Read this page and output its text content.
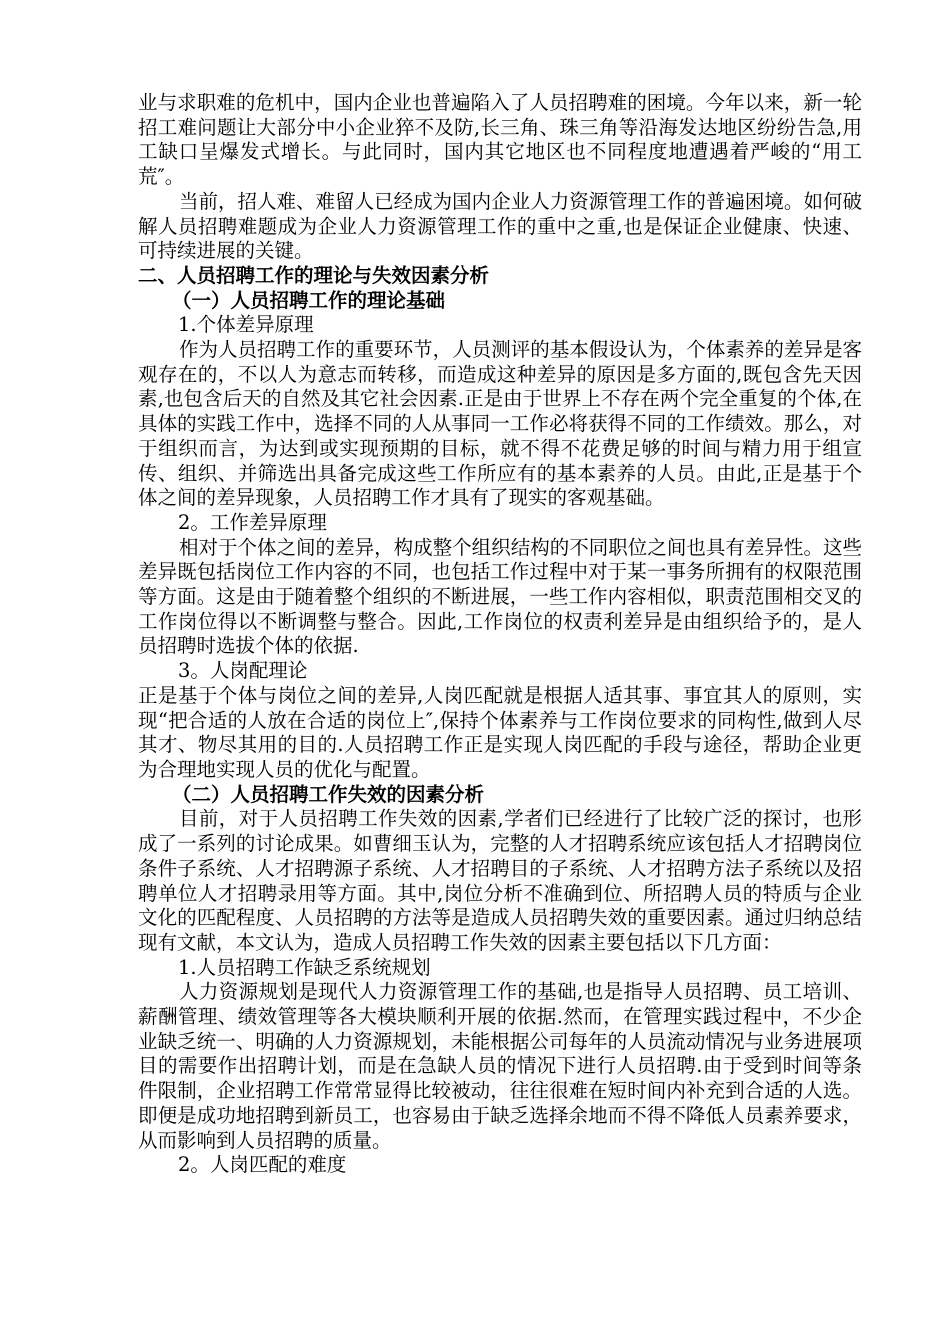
业与求职难的危机中，国内企业也普遍陷入了人员招聘难的困境。今年以来，新一轮招工难问题让大部分中小企业猝不及防,长三角、珠三角等沿海发达地区纷纷告急,用工缺口呈爆发式增长。与此同时，国内其它地区也不同程度地遭遇着严峻的“用工荒″。

当前，招人难、难留人已经成为国内企业人力资源管理工作的普遍困境。如何破解人员招聘难题成为企业人力资源管理工作的重中之重,也是保证企业健康、快速、可持续进展的关键。

二、人员招聘工作的理论与失效因素分析

（一）人员招聘工作的理论基础

1.个体差异原理

作为人员招聘工作的重要环节，人员测评的基本假设认为，个体素养的差异是客观存在的，不以人为意志而转移，而造成这种差异的原因是多方面的,既包含先天因素,也包含后天的自然及其它社会因素.正是由于世界上不存在两个完全重复的个体,在具体的实践工作中，选择不同的人从事同一工作必将获得不同的工作绩效。那么，对于组织而言，为达到或实现预期的目标，就不得不花费足够的时间与精力用于组宣传、组织、并筛选出具备完成这些工作所应有的基本素养的人员。由此,正是基于个体之间的差异现象，人员招聘工作才具有了现实的客观基础。

2。工作差异原理

相对于个体之间的差异，构成整个组织结构的不同职位之间也具有差异性。这些差异既包括岗位工作内容的不同，也包括工作过程中对于某一事务所拥有的权限范围等方面。这是由于随着整个组织的不断进展，一些工作内容相似，职责范围相交叉的工作岗位得以不断调整与整合。因此,工作岗位的权责利差异是由组织给予的，是人员招聘时选拔个体的依据.

3。人岗配理论

正是基于个体与岗位之间的差异,人岗匹配就是根据人适其事、事宜其人的原则，实现“把合适的人放在合适的岗位上″,保持个体素养与工作岗位要求的同构性,做到人尽其才、物尽其用的目的.人员招聘工作正是实现人岗匹配的手段与途径，帮助企业更为合理地实现人员的优化与配置。

（二）人员招聘工作失效的因素分析

目前，对于人员招聘工作失效的因素,学者们已经进行了比较广泛的探讨，也形成了一系列的讨论成果。如曹细玉认为，完整的人才招聘系统应该包括人才招聘岗位条件子系统、人才招聘源子系统、人才招聘目的子系统、人才招聘方法子系统以及招聘单位人才招聘录用等方面。其中,岗位分析不准确到位、所招聘人员的特质与企业文化的匹配程度、人员招聘的方法等是造成人员招聘失效的重要因素。通过归纳总结现有文献，本文认为，造成人员招聘工作失效的因素主要包括以下几方面：

1.人员招聘工作缺乏系统规划

人力资源规划是现代人力资源管理工作的基础,也是指导人员招聘、员工培训、薪酬管理、绩效管理等各大模块顺利开展的依据.然而，在管理实践过程中，不少企业缺乏统一、明确的人力资源规划，未能根据公司每年的人员流动情况与业务进展项目的需要作出招聘计划，而是在急缺人员的情况下进行人员招聘.由于受到时间等条件限制，企业招聘工作常常显得比较被动，往往很难在短时间内补充到合适的人选。即便是成功地招聘到新员工，也容易由于缺乏选择余地而不得不降低人员素养要求，从而影响到人员招聘的质量。

2。人岗匹配的难度
